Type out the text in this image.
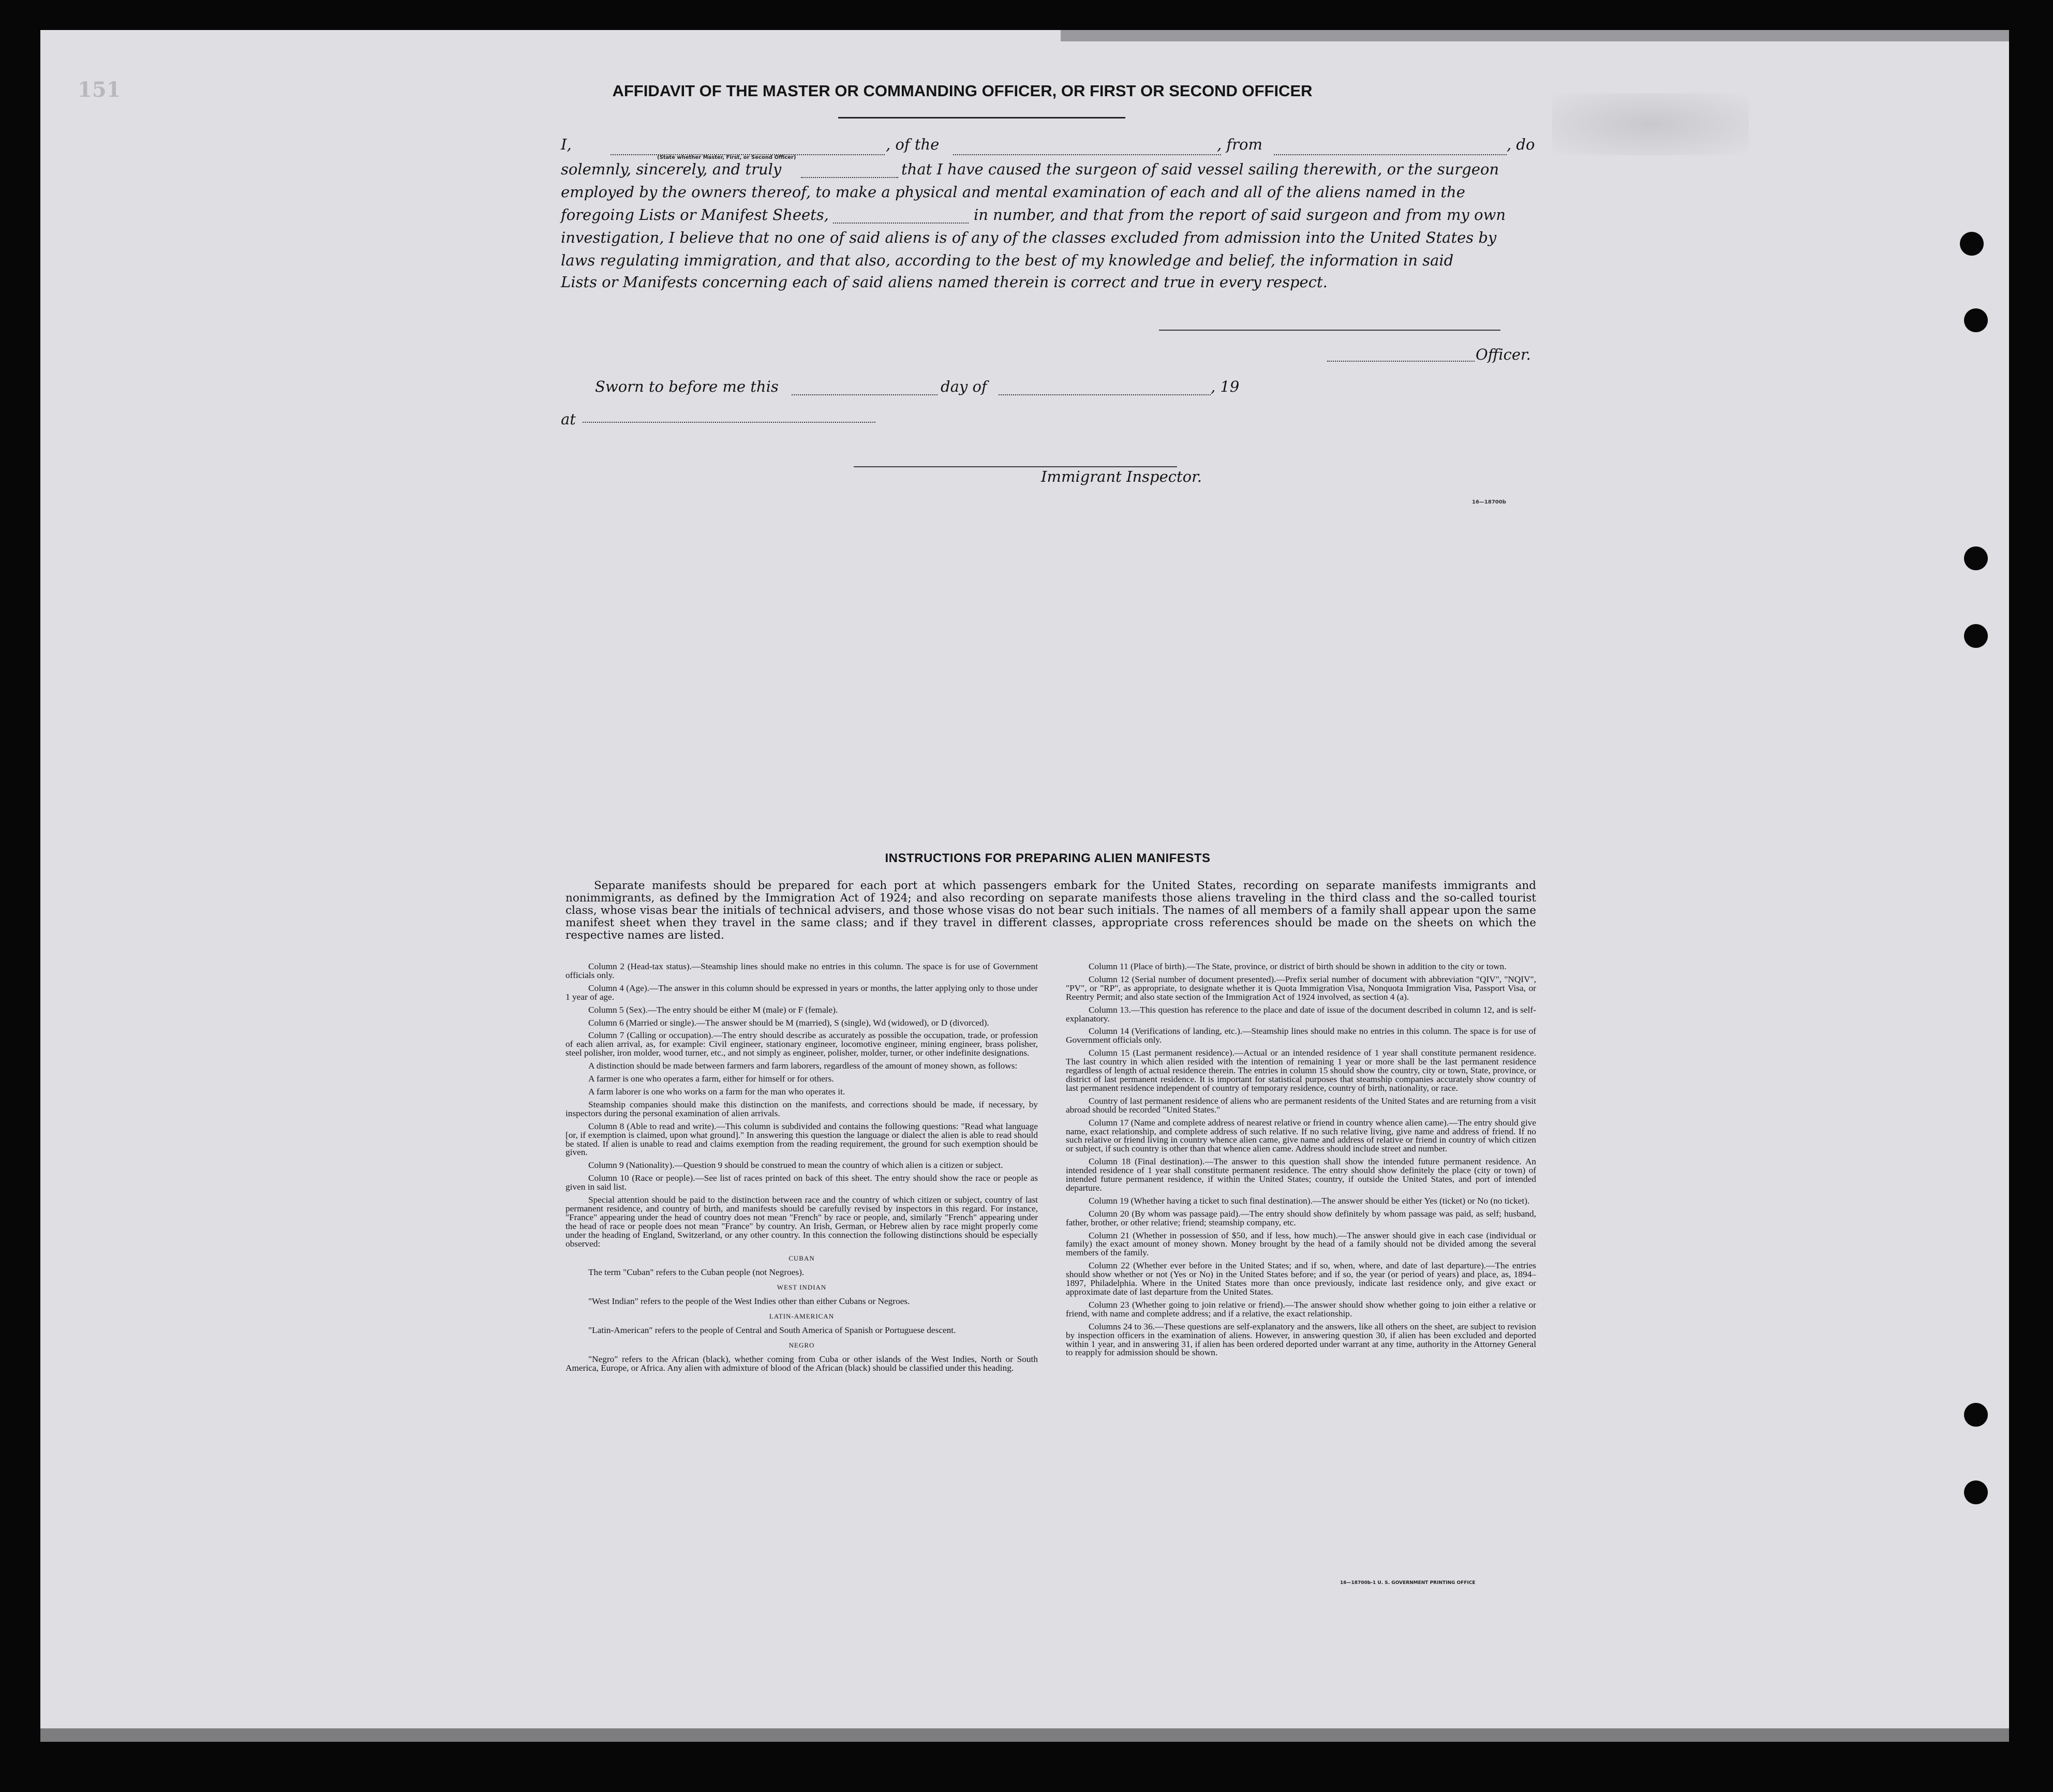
151	AFFIDAVIT OF THE MASTER OR COMMANDING OFFICER, OR FIRST OR SECOND OFFICER
I,
(State whether Master, First, or Second Officer)
, of the	, from	, do
solemnly, sincerely, and truly	that I have caused the surgeon of said vessel sailing therewith, or the surgeon
employed by the owners thereof, to make a physical and mental examination of each and all of the aliens named in the
foregoing Lists or Manifest Sheets,	in number, and that from the report of said surgeon and from my own
investigation, I believe that no one of said aliens is of any of the classes excluded from admission into the United States by
laws regulating immigration, and that also, according to the best of my knowledge and belief, the information in said
Lists or Manifests concerning each of said aliens named therein is correct and true in every respect.
Officer.
Sworn to before me this	day of	, 19
at
Immigrant Inspector.
16—18700b
INSTRUCTIONS FOR PREPARING ALIEN MANIFESTS
Separate manifests should be prepared for each port at which passengers embark for the United States, recording on separate manifests immigrants and nonimmigrants, as defined by the Immigration Act of 1924; and also recording on separate manifests those aliens traveling in the third class and the so-called tourist class, whose visas bear the initials of technical advisers, and those whose visas do not bear such initials. The names of all members of a family shall appear upon the same manifest sheet when they travel in the same class; and if they travel in different classes, appropriate cross references should be made on the sheets on which the respective names are listed.

Column 2 (Head-tax status).—Steamship lines should make no entries in this column. The space is for use of Government officials only.

Column 4 (Age).—The answer in this column should be expressed in years or months, the latter applying only to those under 1 year of age.

Column 5 (Sex).—The entry should be either M (male) or F (female).

Column 6 (Married or single).—The answer should be M (married), S (single), Wd (widowed), or D (divorced).

Column 7 (Calling or occupation).—The entry should describe as accurately as possible the occupation, trade, or profession of each alien arrival, as, for example: Civil engineer, stationary engineer, locomotive engineer, mining engineer, brass polisher, steel polisher, iron molder, wood turner, etc., and not simply as engineer, polisher, molder, turner, or other indefinite designations.

A distinction should be made between farmers and farm laborers, regardless of the amount of money shown, as follows:

A farmer is one who operates a farm, either for himself or for others.

A farm laborer is one who works on a farm for the man who operates it.

Steamship companies should make this distinction on the manifests, and corrections should be made, if necessary, by inspectors during the personal examination of alien arrivals.

Column 8 (Able to read and write).—This column is subdivided and contains the following questions: "Read what language [or, if exemption is claimed, upon what ground]." In answering this question the language or dialect the alien is able to read should be stated. If alien is unable to read and claims exemption from the reading requirement, the ground for such exemption should be given.

Column 9 (Nationality).—Question 9 should be construed to mean the country of which alien is a citizen or subject.

Column 10 (Race or people).—See list of races printed on back of this sheet. The entry should show the race or people as given in said list.

Special attention should be paid to the distinction between race and the country of which citizen or subject, country of last permanent residence, and country of birth, and manifests should be carefully revised by inspectors in this regard. For instance, "France" appearing under the head of country does not mean "French" by race or people, and, similarly "French" appearing under the head of race or people does not mean "France" by country. An Irish, German, or Hebrew alien by race might properly come under the heading of England, Switzerland, or any other country. In this connection the following distinctions should be especially observed:

CUBAN

The term "Cuban" refers to the Cuban people (not Negroes).

WEST INDIAN

"West Indian" refers to the people of the West Indies other than either Cubans or Negroes.

LATIN-AMERICAN

"Latin-American" refers to the people of Central and South America of Spanish or Portuguese descent.

NEGRO

"Negro" refers to the African (black), whether coming from Cuba or other islands of the West Indies, North or South America, Europe, or Africa. Any alien with admixture of blood of the African (black) should be classified under this heading.

Column 11 (Place of birth).—The State, province, or district of birth should be shown in addition to the city or town.

Column 12 (Serial number of document presented).—Prefix serial number of document with abbreviation "QIV", "NQIV", "PV", or "RP", as appropriate, to designate whether it is Quota Immigration Visa, Nonquota Immigration Visa, Passport Visa, or Reentry Permit; and also state section of the Immigration Act of 1924 involved, as section 4 (a).

Column 13.—This question has reference to the place and date of issue of the document described in column 12, and is self-explanatory.

Column 14 (Verifications of landing, etc.).—Steamship lines should make no entries in this column. The space is for use of Government officials only.

Column 15 (Last permanent residence).—Actual or an intended residence of 1 year shall constitute permanent residence. The last country in which alien resided with the intention of remaining 1 year or more shall be the last permanent residence regardless of length of actual residence therein. The entries in column 15 should show the country, city or town, State, province, or district of last permanent residence. It is important for statistical purposes that steamship companies accurately show country of last permanent residence independent of country of temporary residence, country of birth, nationality, or race.

Country of last permanent residence of aliens who are permanent residents of the United States and are returning from a visit abroad should be recorded "United States."

Column 17 (Name and complete address of nearest relative or friend in country whence alien came).—The entry should give name, exact relationship, and complete address of such relative. If no such relative living, give name and address of friend. If no such relative or friend living in country whence alien came, give name and address of relative or friend in country of which citizen or subject, if such country is other than that whence alien came. Address should include street and number.

Column 18 (Final destination).—The answer to this question shall show the intended future permanent residence. An intended residence of 1 year shall constitute permanent residence. The entry should show definitely the place (city or town) of intended future permanent residence, if within the United States; country, if outside the United States, and port of intended departure.

Column 19 (Whether having a ticket to such final destination).—The answer should be either Yes (ticket) or No (no ticket).

Column 20 (By whom was passage paid).—The entry should show definitely by whom passage was paid, as self; husband, father, brother, or other relative; friend; steamship company, etc.

Column 21 (Whether in possession of $50, and if less, how much).—The answer should give in each case (individual or family) the exact amount of money shown. Money brought by the head of a family should not be divided among the several members of the family.

Column 22 (Whether ever before in the United States; and if so, when, where, and date of last departure).—The entries should show whether or not (Yes or No) in the United States before; and if so, the year (or period of years) and place, as, 1894–1897, Philadelphia. Where in the United States more than once previously, indicate last residence only, and give exact or approximate date of last departure from the United States.

Column 23 (Whether going to join relative or friend).—The answer should show whether going to join either a relative or friend, with name and complete address; and if a relative, the exact relationship.

Columns 24 to 36.—These questions are self-explanatory and the answers, like all others on the sheet, are subject to revision by inspection officers in the examination of aliens. However, in answering question 30, if alien has been excluded and deported within 1 year, and in answering 31, if alien has been ordered deported under warrant at any time, authority in the Attorney General to reapply for admission should be shown.

16—18700b-1 U. S. GOVERNMENT PRINTING OFFICE
